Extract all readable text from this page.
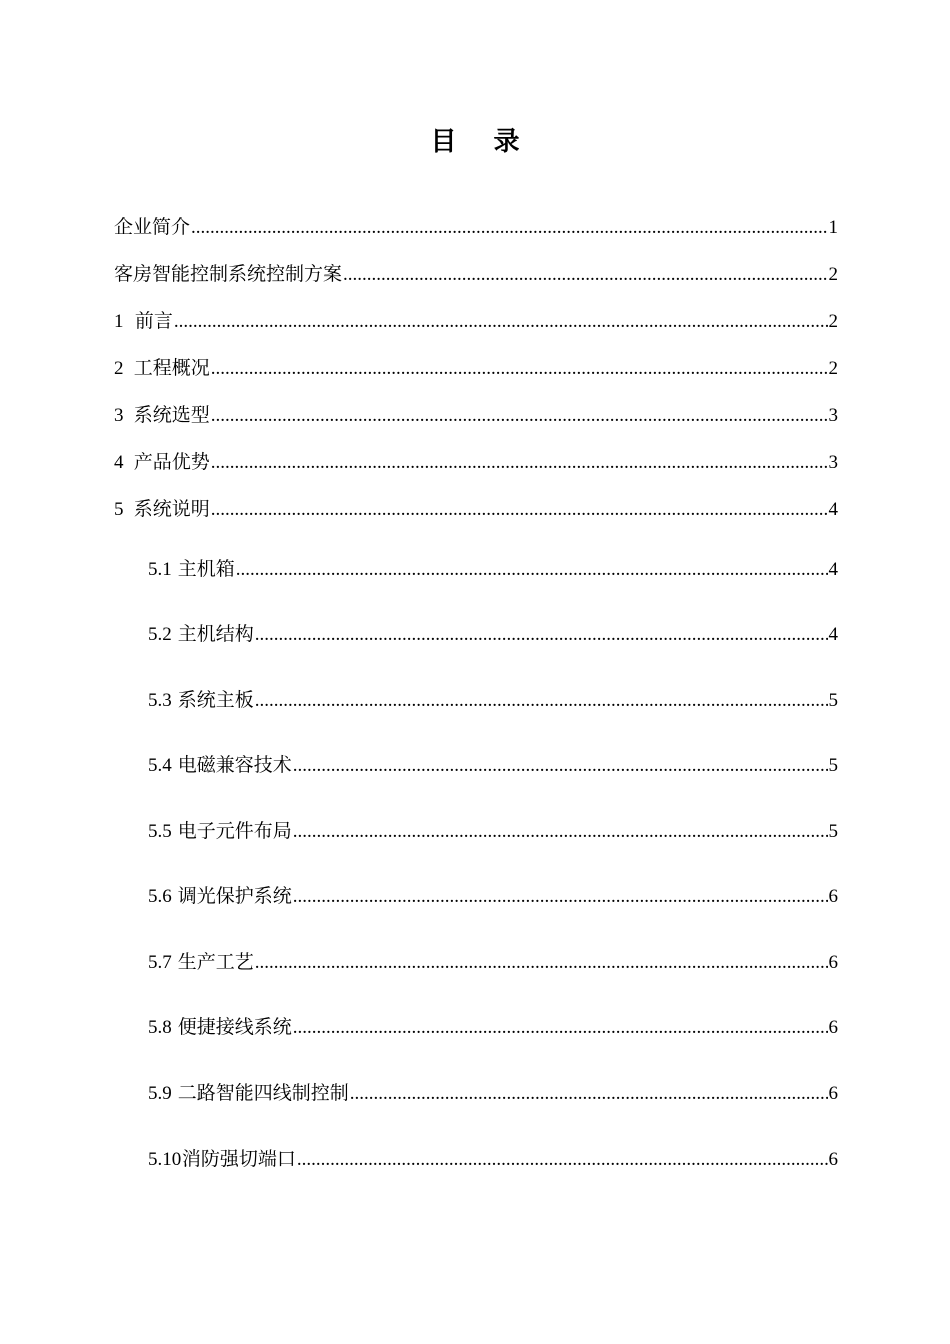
目 录
企业简介 .....	1
客房智能控制系统控制方案 .....	2
1 前言 .....	2
2 工程概况 .....	2
3 系统选型 .....	3
4 产品优势 .....	3
5 系统说明 .....	4
5.1 主机箱 .....	4
5.2 主机结构 .....	4
5.3 系统主板 .....	5
5.4 电磁兼容技术 .....	5
5.5 电子元件布局 .....	5
5.6 调光保护系统 .....	6
5.7 生产工艺 .....	6
5.8 便捷接线系统 .....	6
5.9 二路智能四线制控制 .....	6
5.10 消防强切端口 .....	6
